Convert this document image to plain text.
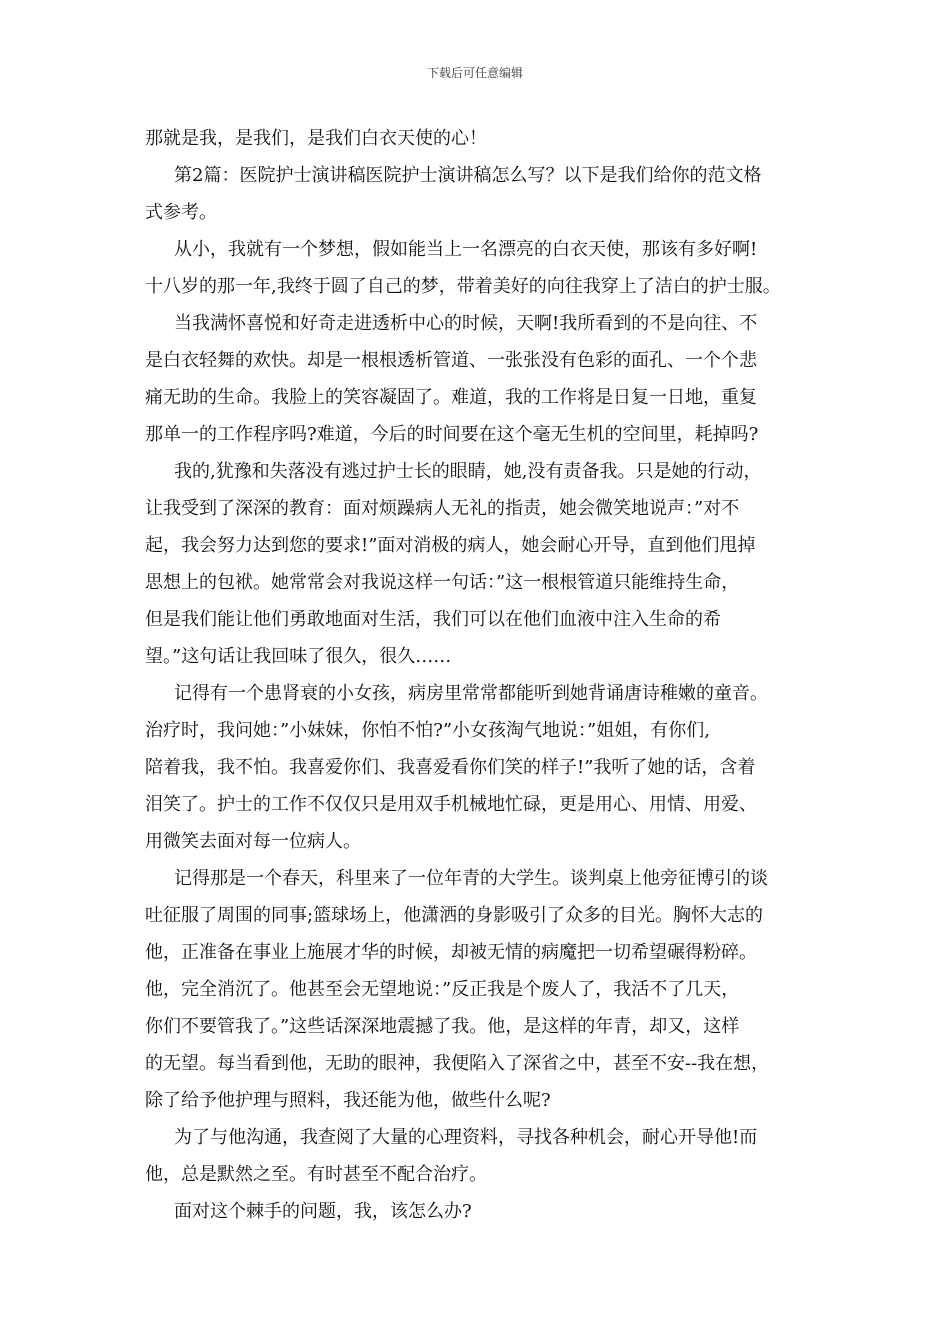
下载后可任意编辑
那就是我，是我们，是我们白衣天使的心！
第2篇：医院护士演讲稿医院护士演讲稿怎么写？以下是我们给你的范文格
式参考。
从小，我就有一个梦想，假如能当上一名漂亮的白衣天使，那该有多好啊!
十八岁的那一年,我终于圆了自己的梦，带着美好的向往我穿上了洁白的护士服。
当我满怀喜悦和好奇走进透析中心的时候，天啊!我所看到的不是向往、不
是白衣轻舞的欢快。却是一根根透析管道、一张张没有色彩的面孔、一个个悲
痛无助的生命。我脸上的笑容凝固了。难道，我的工作将是日复一日地，重复
那单一的工作程序吗?难道，今后的时间要在这个毫无生机的空间里，耗掉吗?
我的,犹豫和失落没有逃过护士长的眼睛，她,没有责备我。只是她的行动，
让我受到了深深的教育：面对烦躁病人无礼的指责，她会微笑地说声：”对不
起，我会努力达到您的要求!”面对消极的病人，她会耐心开导，直到他们甩掉
思想上的包袱。她常常会对我说这样一句话：”这一根根管道只能维持生命，
但是我们能让他们勇敢地面对生活，我们可以在他们血液中注入生命的希
望。”这句话让我回味了很久，很久……
记得有一个患肾衰的小女孩，病房里常常都能听到她背诵唐诗稚嫩的童音。
治疗时，我问她：”小妹妹，你怕不怕?”小女孩淘气地说：”姐姐，有你们,
陪着我，我不怕。我喜爱你们、我喜爱看你们笑的样子!”我听了她的话，含着
泪笑了。护士的工作不仅仅只是用双手机械地忙碌，更是用心、用情、用爱、
用微笑去面对每一位病人。
记得那是一个春天，科里来了一位年青的大学生。谈判桌上他旁征博引的谈
吐征服了周围的同事;篮球场上，他潇洒的身影吸引了众多的目光。胸怀大志的
他，正准备在事业上施展才华的时候，却被无情的病魔把一切希望碾得粉碎。
他，完全消沉了。他甚至会无望地说：”反正我是个废人了，我活不了几天，
你们不要管我了。”这些话深深地震撼了我。他，是这样的年青，却又，这样
的无望。每当看到他，无助的眼神，我便陷入了深省之中，甚至不安--我在想，
除了给予他护理与照料，我还能为他，做些什么呢?
为了与他沟通，我查阅了大量的心理资料，寻找各种机会，耐心开导他!而
他，总是默然之至。有时甚至不配合治疗。
面对这个棘手的问题，我，该怎么办?
